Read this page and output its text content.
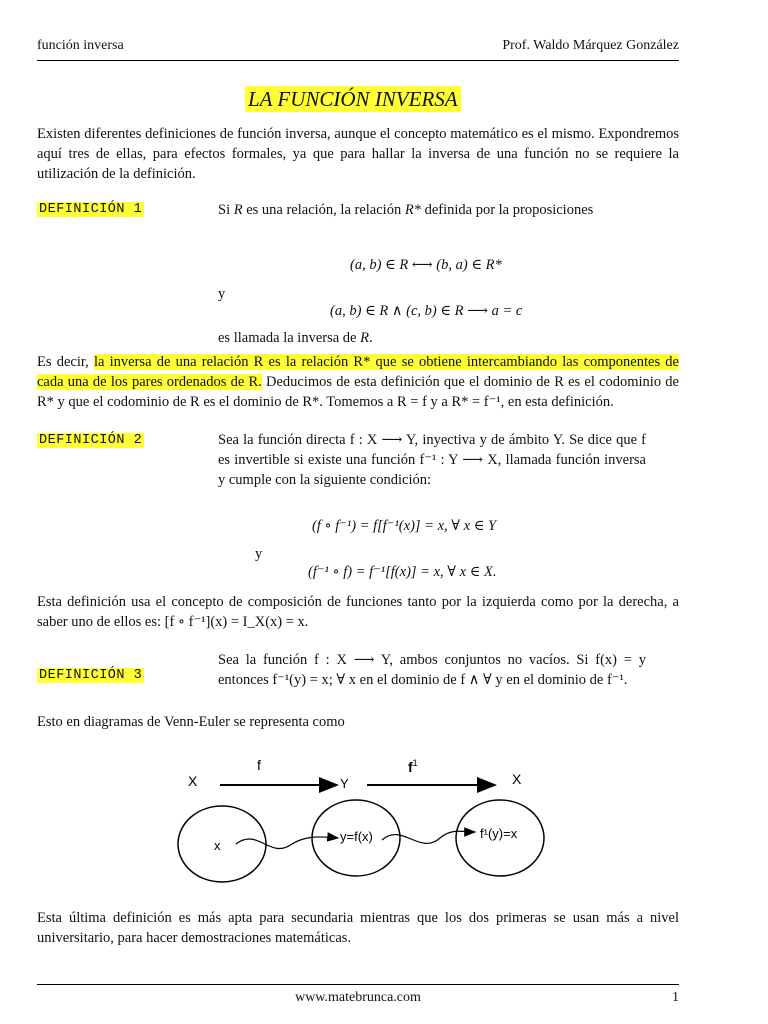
función inversa	Prof. Waldo Márquez González
LA FUNCIÓN INVERSA
Existen diferentes definiciones de función inversa, aunque el concepto matemático es el mismo. Expondremos aquí tres de ellas, para efectos formales, ya que para hallar la inversa de una función no se requiere la utilización de la definición.
DEFINICIÓN 1	Si R es una relación, la relación R* definida por la proposiciones
(a, b) ∈ R ⟷ (b, a) ∈ R*
y
(a, b) ∈ R ∧ (c, b) ∈ R ⟶ a = c
es llamada la inversa de R.
Es decir, la inversa de una relación R es la relación R* que se obtiene intercambiando las componentes de cada una de los pares ordenados de R. Deducimos de esta definición que el dominio de R es el codominio de R* y que el codominio de R es el dominio de R*. Tomemos a R = f y a R* = f⁻¹, en esta definición.
DEFINICIÓN 2	Sea la función directa f : X ⟶ Y, inyectiva y de ámbito Y. Se dice que f es invertible si existe una función f⁻¹ : Y ⟶ X, llamada función inversa y cumple con la siguiente condición:
(f ∘ f⁻¹) = f[f⁻¹(x)] = x, ∀ x ∈ Y
y
(f⁻¹ ∘ f) = f⁻¹[f(x)] = x, ∀ x ∈ X.
Esta definición usa el concepto de composición de funciones tanto por la izquierda como por la derecha, a saber uno de ellos es: [f ∘ f⁻¹](x) = I_X(x) = x.
DEFINICIÓN 3
Sea la función f : X ⟶ Y, ambos conjuntos no vacíos. Si f(x) = y entonces f⁻¹(y) = x; ∀ x en el dominio de f ∧ ∀ y en el dominio de f⁻¹.
Esto en diagramas de Venn-Euler se representa como
X
f
Y
$f^1$
X
x
y=f(x)	f¹(y)=x
Esta última definición es más apta para secundaria mientras que los dos primeras se usan más a nivel universitario, para hacer demostraciones matemáticas.
www.matebrunca.com	1
